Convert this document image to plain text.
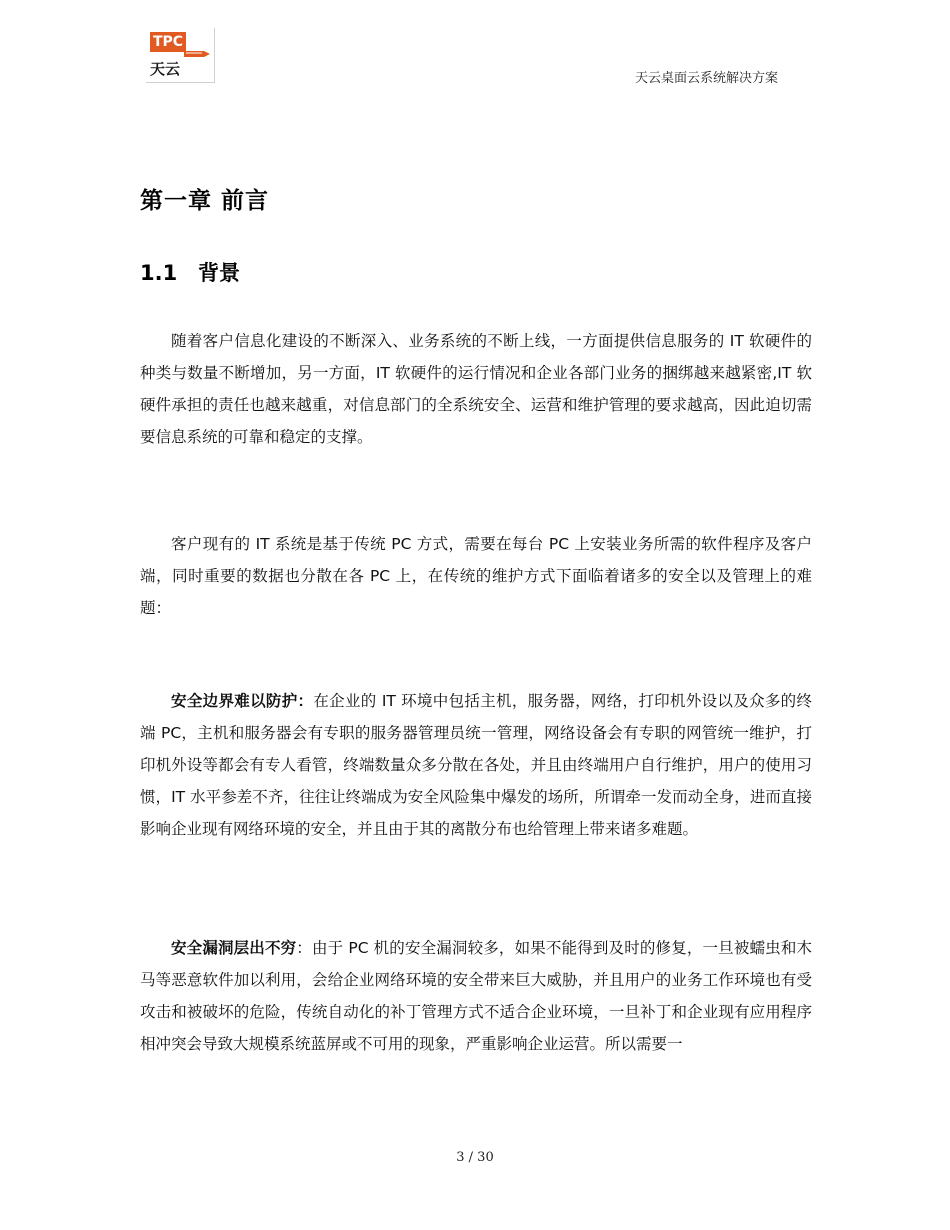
TPC
天云
天云桌面云系统解决方案
第一章 前言
1.1 背景

随着客户信息化建设的不断深入、业务系统的不断上线，一方面提供信息服务的 IT 软硬件的种类与数量不断增加，另一方面，IT 软硬件的运行情况和企业各部门业务的捆绑越来越紧密,IT 软硬件承担的责任也越来越重，对信息部门的全系统安全、运营和维护管理的要求越高，因此迫切需要信息系统的可靠和稳定的支撑。

客户现有的 IT 系统是基于传统 PC 方式，需要在每台 PC 上安装业务所需的软件程序及客户端，同时重要的数据也分散在各 PC 上，在传统的维护方式下面临着诸多的安全以及管理上的难题：

安全边界难以防护：在企业的 IT 环境中包括主机，服务器，网络，打印机外设以及众多的终端 PC，主机和服务器会有专职的服务器管理员统一管理，网络设备会有专职的网管统一维护，打印机外设等都会有专人看管，终端数量众多分散在各处，并且由终端用户自行维护，用户的使用习惯，IT 水平参差不齐，往往让终端成为安全风险集中爆发的场所，所谓牵一发而动全身，进而直接影响企业现有网络环境的安全，并且由于其的离散分布也给管理上带来诸多难题。

安全漏洞层出不穷：由于 PC 机的安全漏洞较多，如果不能得到及时的修复，一旦被蠕虫和木马等恶意软件加以利用，会给企业网络环境的安全带来巨大威胁，并且用户的业务工作环境也有受攻击和被破坏的危险，传统自动化的补丁管理方式不适合企业环境，一旦补丁和企业现有应用程序相冲突会导致大规模系统蓝屏或不可用的现象，严重影响企业运营。所以需要一

3 / 30
